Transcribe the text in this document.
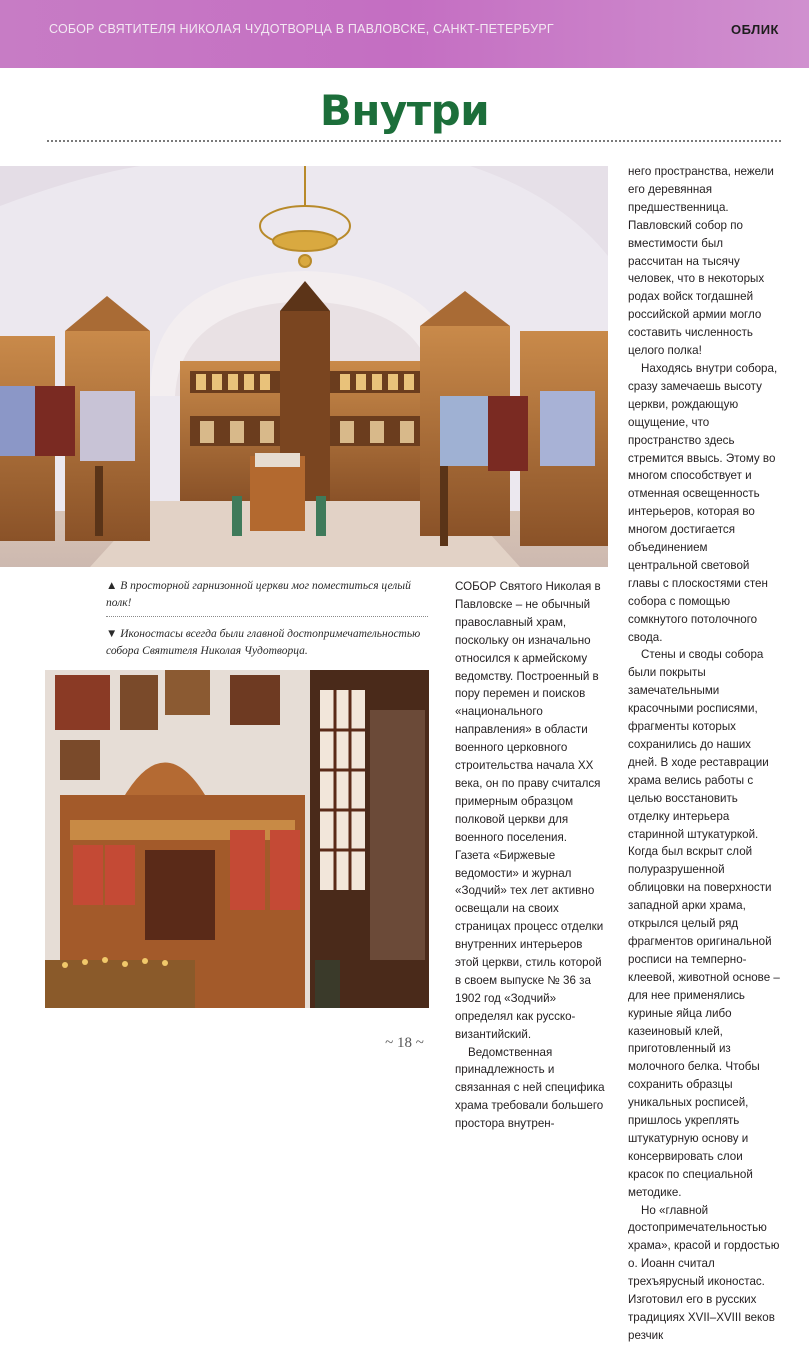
СОБОР СВЯТИТЕЛЯ НИКОЛАЯ ЧУДОТВОРЦА В ПАВЛОВСКЕ, САНКТ-ПЕТЕРБУРГ	ОБЛИК
Внутри
▲ В просторной гарнизонной церкви мог поместиться целый полк!
▼ Иконостасы всегда были главной достопримечательностью собора Святителя Николая Чудотворца.

СОБОР Святого Николая в Павловске – не обычный православный храм, поскольку он изначально относился к армейскому ведомству. Построенный в пору перемен и поисков «национального направления» в области военного церковного строительства начала XX века, он по праву считался примерным образцом полковой церкви для военного поселения. Газета «Биржевые ведомости» и журнал «Зодчий» тех лет активно освещали на своих страницах процесс отделки внутренних интерьеров этой церкви, стиль которой в своем выпуске № 36 за 1902 год «Зодчий» определял как русско-византийский.

Ведомственная принадлежность и связанная с ней специфика храма требовали большего простора внутрен-

него пространства, нежели его деревянная предшественница. Павловский собор по вместимости был рассчитан на тысячу человек, что в некоторых родах войск тогдашней российской армии могло составить численность целого полка!

Находясь внутри собора, сразу замечаешь высоту церкви, рождающую ощущение, что пространство здесь стремится ввысь. Этому во многом способствует и отменная освещенность интерьеров, которая во многом достигается объединением центральной световой главы с плоскостями стен собора с помощью сомкнутого потолочного свода.

Стены и своды собора были покрыты замечательными красочными росписями, фрагменты которых сохранились до наших дней. В ходе реставрации храма велись работы с целью восстановить отделку интерьера старинной штукатуркой. Когда был вскрыт слой полуразрушенной облицовки на поверхности западной арки храма, открылся целый ряд фрагментов оригинальной росписи на темперно-клеевой, животной основе – для нее применялись куриные яйца либо казеиновый клей, приготовленный из молочного белка. Чтобы сохранить образцы уникальных росписей, пришлось укреплять штукатурную основу и консервировать слои красок по специальной методике.

Но «главной достопримечательностью храма», красой и гордостью о. Иоанн считал трехъярусный иконостас. Изготовил его в русских традициях XVII–XVIII веков резчик

~ 18 ~
